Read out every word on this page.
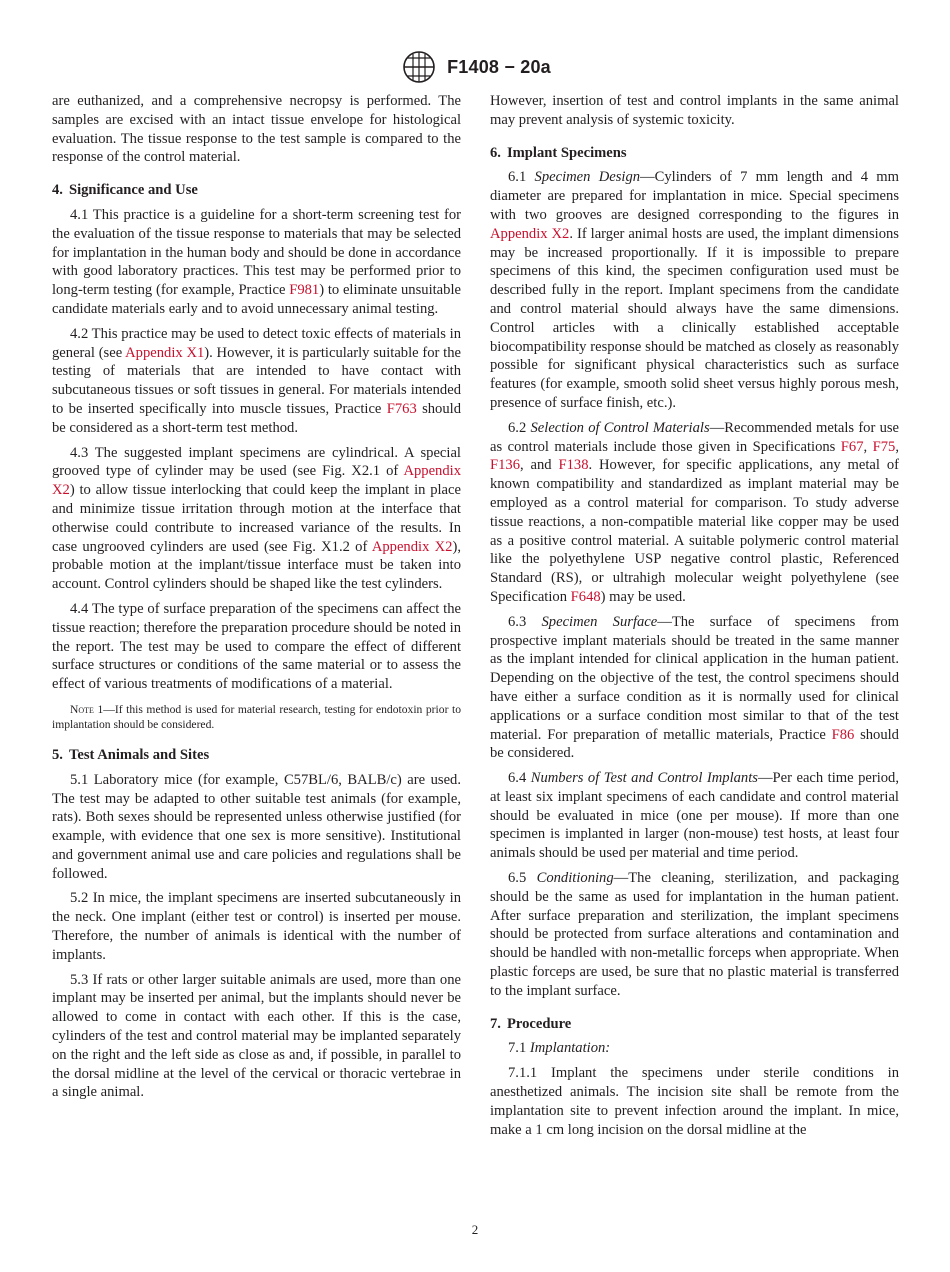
F1408 − 20a

are euthanized, and a comprehensive necropsy is performed. The samples are excised with an intact tissue envelope for histological evaluation. The tissue response to the test sample is compared to the response of the control material.

4. Significance and Use

4.1 This practice is a guideline for a short-term screening test for the evaluation of the tissue response to materials that may be selected for implantation in the human body and should be done in accordance with good laboratory practices. This test may be performed prior to long-term testing (for example, Practice F981) to eliminate unsuitable candidate materials early and to avoid unnecessary animal testing.

4.2 This practice may be used to detect toxic effects of materials in general (see Appendix X1). However, it is particularly suitable for the testing of materials that are intended to have contact with subcutaneous tissues or soft tissues in general. For materials intended to be inserted specifically into muscle tissues, Practice F763 should be considered as a short-term test method.

4.3 The suggested implant specimens are cylindrical. A special grooved type of cylinder may be used (see Fig. X2.1 of Appendix X2) to allow tissue interlocking that could keep the implant in place and minimize tissue irritation through motion at the interface that otherwise could contribute to increased variance of the results. In case ungrooved cylinders are used (see Fig. X1.2 of Appendix X2), probable motion at the implant/tissue interface must be taken into account. Control cylinders should be shaped like the test cylinders.

4.4 The type of surface preparation of the specimens can affect the tissue reaction; therefore the preparation procedure should be noted in the report. The test may be used to compare the effect of different surface structures or conditions of the same material or to assess the effect of various treatments of modifications of a material.

Note 1—If this method is used for material research, testing for endotoxin prior to implantation should be considered.
5. Test Animals and Sites

5.1 Laboratory mice (for example, C57BL/6, BALB/c) are used. The test may be adapted to other suitable test animals (for example, rats). Both sexes should be represented unless otherwise justified (for example, with evidence that one sex is more sensitive). Institutional and government animal use and care policies and regulations shall be followed.

5.2 In mice, the implant specimens are inserted subcutaneously in the neck. One implant (either test or control) is inserted per mouse. Therefore, the number of animals is identical with the number of implants.

5.3 If rats or other larger suitable animals are used, more than one implant may be inserted per animal, but the implants should never be allowed to come in contact with each other. If this is the case, cylinders of the test and control material may be implanted separately on the right and the left side as close as and, if possible, in parallel to the dorsal midline at the level of the cervical or thoracic vertebrae in a single animal.

However, insertion of test and control implants in the same animal may prevent analysis of systemic toxicity.

6. Implant Specimens

6.1 Specimen Design—Cylinders of 7 mm length and 4 mm diameter are prepared for implantation in mice. Special specimens with two grooves are designed corresponding to the figures in Appendix X2. If larger animal hosts are used, the implant dimensions may be increased proportionally. If it is impossible to prepare specimens of this kind, the specimen configuration used must be described fully in the report. Implant specimens from the candidate and control material should always have the same dimensions. Control articles with a clinically established acceptable biocompatibility response should be matched as closely as reasonably possible for significant physical characteristics such as surface features (for example, smooth solid sheet versus highly porous mesh, presence of surface finish, etc.).

6.2 Selection of Control Materials—Recommended metals for use as control materials include those given in Specifications F67, F75, F136, and F138. However, for specific applications, any metal of known compatibility and standardized as implant material may be employed as a control material for comparison. To study adverse tissue reactions, a non-compatible material like copper may be used as a positive control material. A suitable polymeric control material like the polyethylene USP negative control plastic, Referenced Standard (RS), or ultrahigh molecular weight polyethylene (see Specification F648) may be used.

6.3 Specimen Surface—The surface of specimens from prospective implant materials should be treated in the same manner as the implant intended for clinical application in the human patient. Depending on the objective of the test, the control specimens should have either a surface condition as it is normally used for clinical applications or a surface condition most similar to that of the test material. For preparation of metallic materials, Practice F86 should be considered.

6.4 Numbers of Test and Control Implants—Per each time period, at least six implant specimens of each candidate and control material should be evaluated in mice (one per mouse). If more than one specimen is implanted in larger (non-mouse) test hosts, at least four animals should be used per material and time period.

6.5 Conditioning—The cleaning, sterilization, and packaging should be the same as used for implantation in the human patient. After surface preparation and sterilization, the implant specimens should be protected from surface alterations and contamination and should be handled with non-metallic forceps when appropriate. When plastic forceps are used, be sure that no plastic material is transferred to the implant surface.

7. Procedure

7.1 Implantation:

7.1.1 Implant the specimens under sterile conditions in anesthetized animals. The incision site shall be remote from the implantation site to prevent infection around the implant. In mice, make a 1 cm long incision on the dorsal midline at the

2
